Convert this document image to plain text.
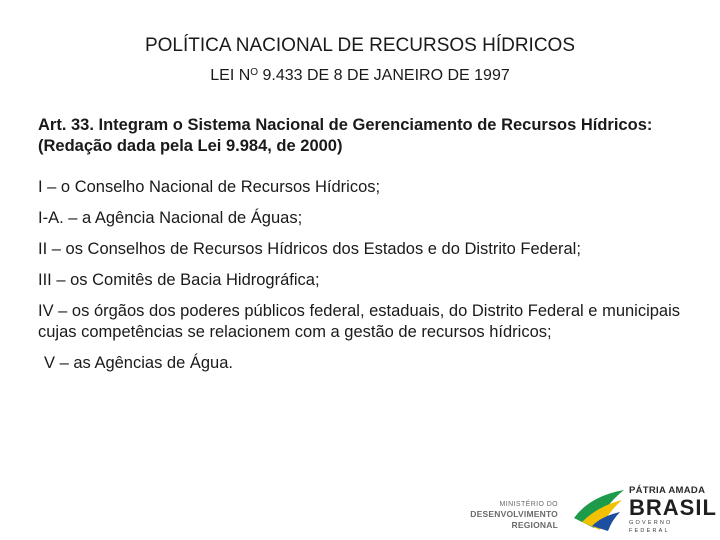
POLÍTICA NACIONAL DE RECURSOS HÍDRICOS
LEI $N^O$ 9.433 DE 8 DE JANEIRO DE 1997
Art. 33. Integram o Sistema Nacional de Gerenciamento de Recursos Hídricos: (Redação dada pela Lei 9.984, de 2000)
I – o Conselho Nacional de Recursos Hídricos;
I-A. – a Agência Nacional de Águas;
II – os Conselhos de Recursos Hídricos dos Estados e do Distrito Federal;
III – os Comitês de Bacia Hidrográfica;
IV – os órgãos dos poderes públicos federal, estaduais, do Distrito Federal e municipais cujas competências se relacionem com a gestão de recursos hídricos;
V – as Agências de Água.
MINISTÉRIO DO
DESENVOLVIMENTO REGIONAL
PÁTRIA AMADA
BRASIL
GOVERNO FEDERAL
